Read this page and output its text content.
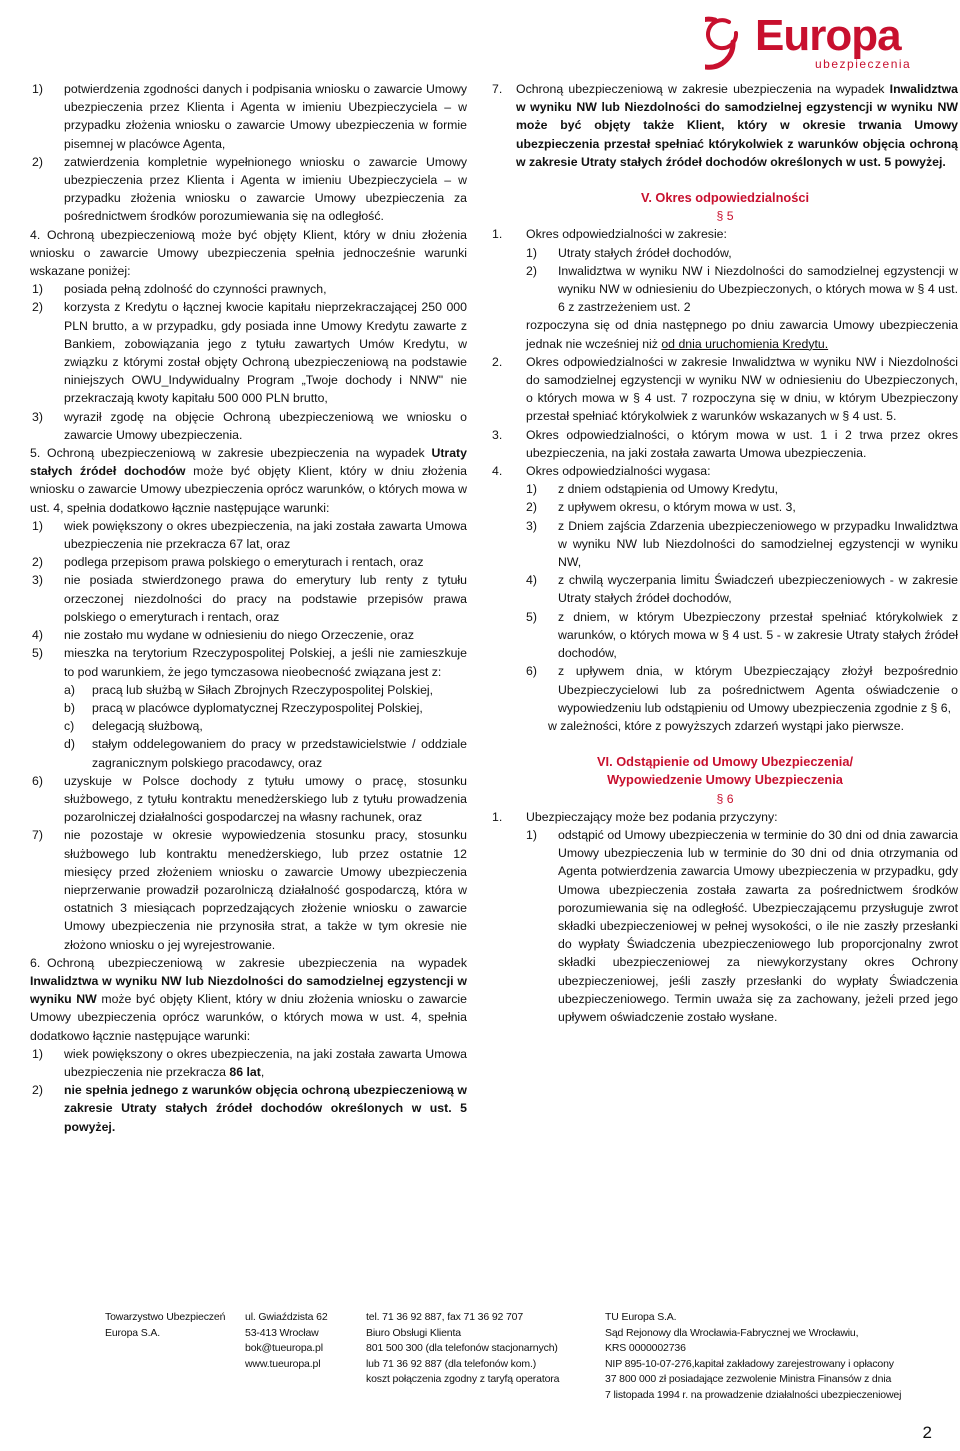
Europa
ubezpieczenia
1)	potwierdzenia zgodności danych i podpisania wniosku o zawarcie Umowy ubezpieczenia przez Klienta i Agenta w imieniu Ubezpieczyciela – w przypadku złożenia wniosku o zawarcie Umowy ubezpieczenia w formie pisemnej w placówce Agenta,
2)	zatwierdzenia kompletnie wypełnionego wniosku o zawarcie Umowy ubezpieczenia przez Klienta i Agenta w imieniu Ubezpieczyciela – w przypadku złożenia wniosku o zawarcie Umowy ubezpieczenia za pośrednictwem środków porozumiewania się na odległość.
4. Ochroną ubezpieczeniową może być objęty Klient, który w dniu złożenia wniosku o zawarcie Umowy ubezpieczenia spełnia jednocześnie warunki wskazane poniżej:
1)	posiada pełną zdolność do czynności prawnych,
2)	korzysta z Kredytu o łącznej kwocie kapitału nieprzekraczającej 250 000 PLN brutto, a w przypadku, gdy posiada inne Umowy Kredytu zawarte z Bankiem, zobowiązania jego z tytułu zawartych Umów Kredytu, w związku z którymi został objęty Ochroną ubezpieczeniową na podstawie niniejszych OWU_Indywidualny Program „Twoje dochody i NNW" nie przekraczają kwoty kapitału 500 000 PLN brutto,
3)	wyraził zgodę na objęcie Ochroną ubezpieczeniową we wniosku o zawarcie Umowy ubezpieczenia.
5. Ochroną ubezpieczeniową w zakresie ubezpieczenia na wypadek Utraty stałych źródeł dochodów może być objęty Klient, który w dniu złożenia wniosku o zawarcie Umowy ubezpieczenia oprócz warunków, o których mowa w ust. 4, spełnia dodatkowo łącznie następujące warunki:
1)	wiek powiększony o okres ubezpieczenia, na jaki została zawarta Umowa ubezpieczenia nie przekracza 67 lat, oraz
2)	podlega przepisom prawa polskiego o emeryturach i rentach, oraz
3)	nie posiada stwierdzonego prawa do emerytury lub renty z tytułu orzeczonej niezdolności do pracy na podstawie przepisów prawa polskiego o emeryturach i rentach, oraz
4)	nie zostało mu wydane w odniesieniu do niego Orzeczenie, oraz
5)	mieszka na terytorium Rzeczypospolitej Polskiej, a jeśli nie zamieszkuje to pod warunkiem, że jego tymczasowa nieobecność związana jest z:
a)	pracą lub służbą w Siłach Zbrojnych Rzeczypospolitej Polskiej,
b)	pracą w placówce dyplomatycznej Rzeczypospolitej Polskiej,
c)	delegacją służbową,
d)	stałym oddelegowaniem do pracy w przedstawicielstwie / oddziale zagranicznym polskiego pracodawcy, oraz
6)	uzyskuje w Polsce dochody z tytułu umowy o pracę, stosunku służbowego, z tytułu kontraktu menedżerskiego lub z tytułu prowadzenia pozarolniczej działalności gospodarczej na własny rachunek, oraz
7)	nie pozostaje w okresie wypowiedzenia stosunku pracy, stosunku służbowego lub kontraktu menedżerskiego, lub przez ostatnie 12 miesięcy przed złożeniem wniosku o zawarcie Umowy ubezpieczenia nieprzerwanie prowadził pozarolniczą działalność gospodarczą, która w ostatnich 3 miesiącach poprzedzających złożenie wniosku o zawarcie Umowy ubezpieczenia nie przynosiła strat, a także w tym okresie nie złożono wniosku o jej wyrejestrowanie.
6. Ochroną ubezpieczeniową w zakresie ubezpieczenia na wypadek Inwalidztwa w wyniku NW lub Niezdolności do samodzielnej egzystencji w wyniku NW może być objęty Klient, który w dniu złożenia wniosku o zawarcie Umowy ubezpieczenia oprócz warunków, o których mowa w ust. 4, spełnia dodatkowo łącznie następujące warunki:
1)	wiek powiększony o okres ubezpieczenia, na jaki została zawarta Umowa ubezpieczenia nie przekracza 86 lat,
2)	nie spełnia jednego z warunków objęcia ochroną ubezpieczeniową w zakresie Utraty stałych źródeł dochodów określonych w ust. 5 powyżej.
7.	Ochroną ubezpieczeniową w zakresie ubezpieczenia na wypadek Inwalidztwa w wyniku NW lub Niezdolności do samodzielnej egzystencji w wyniku NW może być objęty także Klient, który w okresie trwania Umowy ubezpieczenia przestał spełniać którykolwiek z warunków objęcia ochroną w zakresie Utraty stałych źródeł dochodów określonych w ust. 5 powyżej.
V. Okres odpowiedzialności
§ 5
1.	Okres odpowiedzialności w zakresie:
1)	Utraty stałych źródeł dochodów,
2)	Inwalidztwa w wyniku NW i Niezdolności do samodzielnej egzystencji w wyniku NW w odniesieniu do Ubezpieczonych, o których mowa w § 4 ust. 6 z zastrzeżeniem ust. 2
rozpoczyna się od dnia następnego po dniu zawarcia Umowy ubezpieczenia jednak nie wcześniej niż od dnia uruchomienia Kredytu.
2.	Okres odpowiedzialności w zakresie Inwalidztwa w wyniku NW i Niezdolności do samodzielnej egzystencji w wyniku NW w odniesieniu do Ubezpieczonych, o których mowa w § 4 ust. 7 rozpoczyna się w dniu, w którym Ubezpieczony przestał spełniać którykolwiek z warunków wskazanych w § 4 ust. 5.
3.	Okres odpowiedzialności, o którym mowa w ust. 1 i 2 trwa przez okres ubezpieczenia, na jaki została zawarta Umowa ubezpieczenia.
4.	Okres odpowiedzialności wygasa:
1)	z dniem odstąpienia od Umowy Kredytu,
2)	z upływem okresu, o którym mowa w ust. 3,
3)	z Dniem zajścia Zdarzenia ubezpieczeniowego w przypadku Inwalidztwa w wyniku NW lub Niezdolności do samodzielnej egzystencji w wyniku NW,
4)	z chwilą wyczerpania limitu Świadczeń ubezpieczeniowych - w zakresie Utraty stałych źródeł dochodów,
5)	z dniem, w którym Ubezpieczony przestał spełniać którykolwiek z warunków, o których mowa w § 4 ust. 5 - w zakresie Utraty stałych źródeł dochodów,
6)	z upływem dnia, w którym Ubezpieczający złożył bezpośrednio Ubezpieczycielowi lub za pośrednictwem Agenta oświadczenie o wypowiedzeniu lub odstąpieniu od Umowy ubezpieczenia zgodnie z § 6,
w zależności, które z powyższych zdarzeń wystąpi jako pierwsze.
VI. Odstąpienie od Umowy Ubezpieczenia/
Wypowiedzenie Umowy Ubezpieczenia
§ 6
1.	Ubezpieczający może bez podania przyczyny:
1)	odstąpić od Umowy ubezpieczenia w terminie do 30 dni od dnia zawarcia Umowy ubezpieczenia lub w terminie do 30 dni od dnia otrzymania od Agenta potwierdzenia zawarcia Umowy ubezpieczenia w przypadku, gdy Umowa ubezpieczenia została zawarta za pośrednictwem środków porozumiewania się na odległość. Ubezpieczającemu przysługuje zwrot składki ubezpieczeniowej w pełnej wysokości, o ile nie zaszły przesłanki do wypłaty Świadczenia ubezpieczeniowego lub proporcjonalny zwrot składki ubezpieczeniowej za niewykorzystany okres Ochrony ubezpieczeniowej, jeśli zaszły przesłanki do wypłaty Świadczenia ubezpieczeniowego. Termin uważa się za zachowany, jeżeli przed jego upływem oświadczenie zostało wysłane.
Towarzystwo Ubezpieczeń
Europa S.A.
ul. Gwiaździsta 62
53-413 Wrocław
bok@tueuropa.pl
www.tueuropa.pl
tel. 71 36 92 887, fax 71 36 92 707
Biuro Obsługi Klienta
801 500 300 (dla telefonów stacjonarnych)
lub 71 36 92 887 (dla telefonów kom.)
koszt połączenia zgodny z taryfą operatora
TU Europa S.A.
Sąd Rejonowy dla Wrocławia-Fabrycznej we Wrocławiu,
KRS 0000002736
NIP 895-10-07-276,kapitał zakładowy zarejestrowany i opłacony
37 800 000 zł posiadające zezwolenie Ministra Finansów z dnia
7 listopada 1994 r. na prowadzenie działalności ubezpieczeniowej
2
